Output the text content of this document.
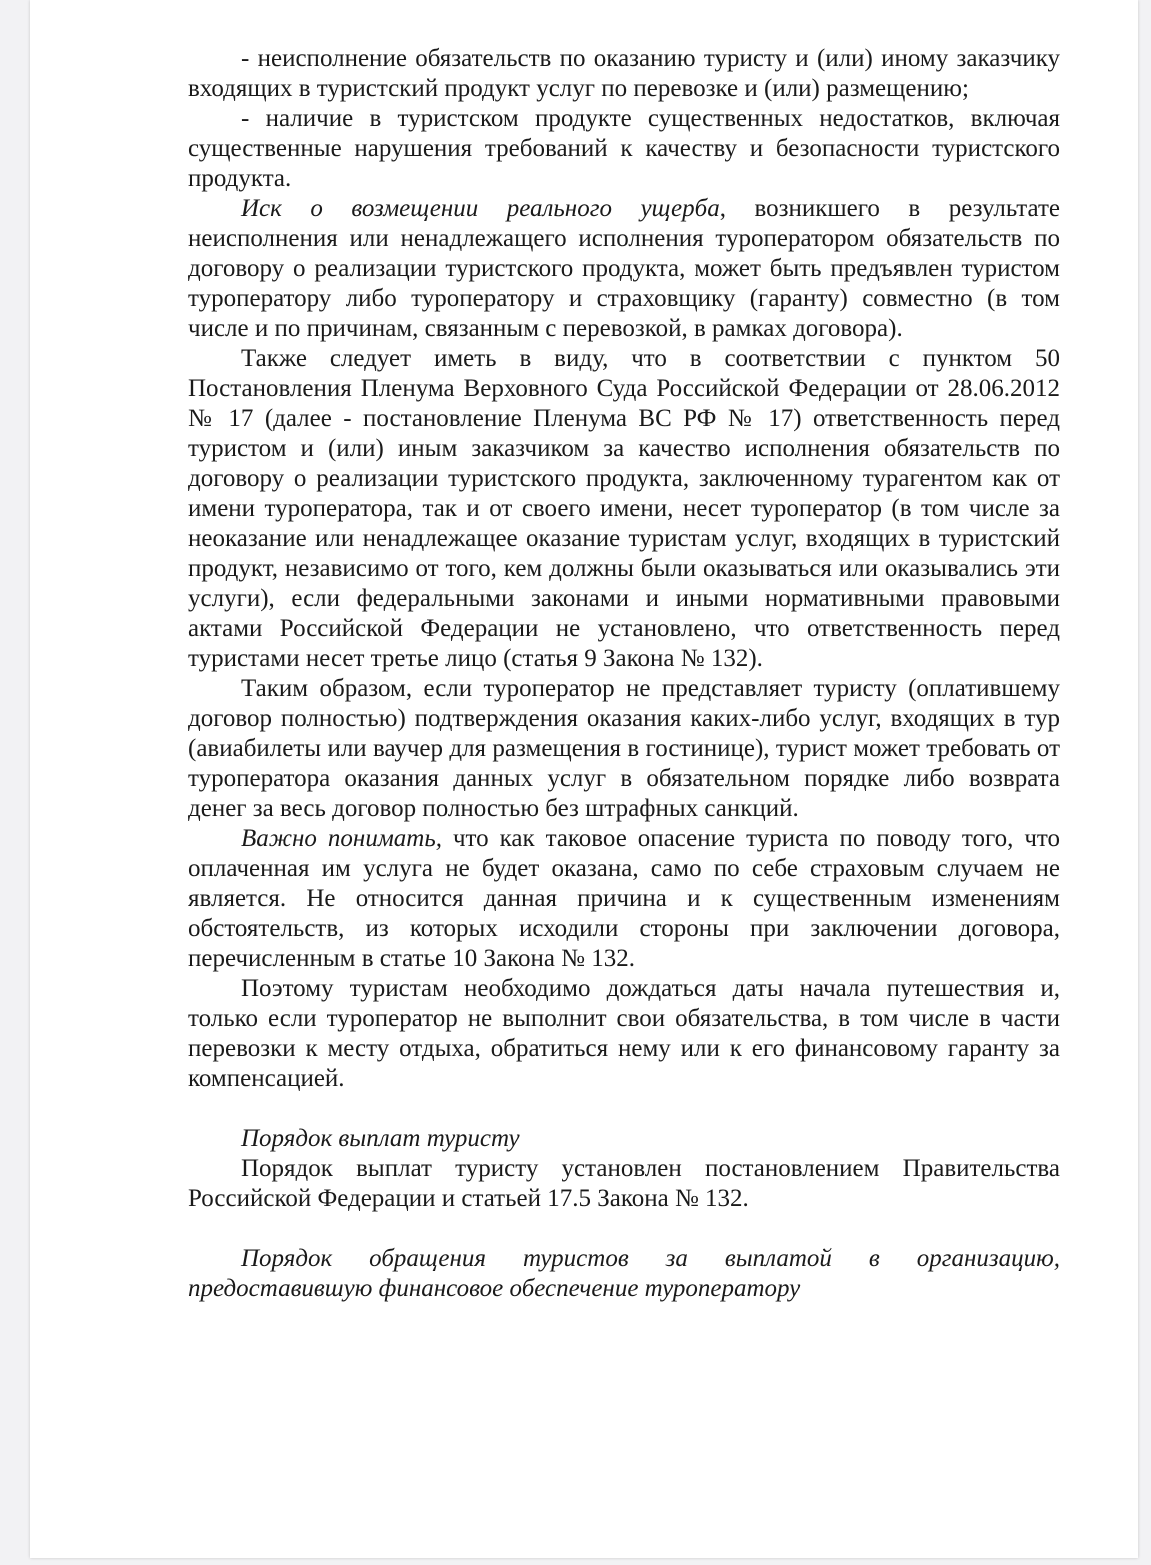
- неисполнение обязательств по оказанию туристу и (или) иному заказчику входящих в туристский продукт услуг по перевозке и (или) размещению;

- наличие в туристском продукте существенных недостатков, включая существенные нарушения требований к качеству и безопасности туристского продукта.

Иск о возмещении реального ущерба, возникшего в результате неисполнения или ненадлежащего исполнения туроператором обязательств по договору о реализации туристского продукта, может быть предъявлен туристом туроператору либо туроператору и страховщику (гаранту) совместно (в том числе и по причинам, связанным с перевозкой, в рамках договора).

Также следует иметь в виду, что в соответствии с пунктом 50 Постановления Пленума Верховного Суда Российской Федерации от 28.06.2012 № 17 (далее - постановление Пленума ВС РФ № 17) ответственность перед туристом и (или) иным заказчиком за качество исполнения обязательств по договору о реализации туристского продукта, заключенному турагентом как от имени туроператора, так и от своего имени, несет туроператор (в том числе за неоказание или ненадлежащее оказание туристам услуг, входящих в туристский продукт, независимо от того, кем должны были оказываться или оказывались эти услуги), если федеральными законами и иными нормативными правовыми актами Российской Федерации не установлено, что ответственность перед туристами несет третье лицо (статья 9 Закона № 132).

Таким образом, если туроператор не представляет туристу (оплатившему договор полностью) подтверждения оказания каких-либо услуг, входящих в тур (авиабилеты или ваучер для размещения в гостинице), турист может требовать от туроператора оказания данных услуг в обязательном порядке либо возврата денег за весь договор полностью без штрафных санкций.

Важно понимать, что как таковое опасение туриста по поводу того, что оплаченная им услуга не будет оказана, само по себе страховым случаем не является. Не относится данная причина и к существенным изменениям обстоятельств, из которых исходили стороны при заключении договора, перечисленным в статье 10 Закона № 132.

Поэтому туристам необходимо дождаться даты начала путешествия и, только если туроператор не выполнит свои обязательства, в том числе в части перевозки к месту отдыха, обратиться нему или к его финансовому гаранту за компенсацией.

Порядок выплат туристу

Порядок выплат туристу установлен постановлением Правительства Российской Федерации и статьей 17.5 Закона № 132.

Порядок обращения туристов за выплатой в организацию, предоставившую финансовое обеспечение туроператору
